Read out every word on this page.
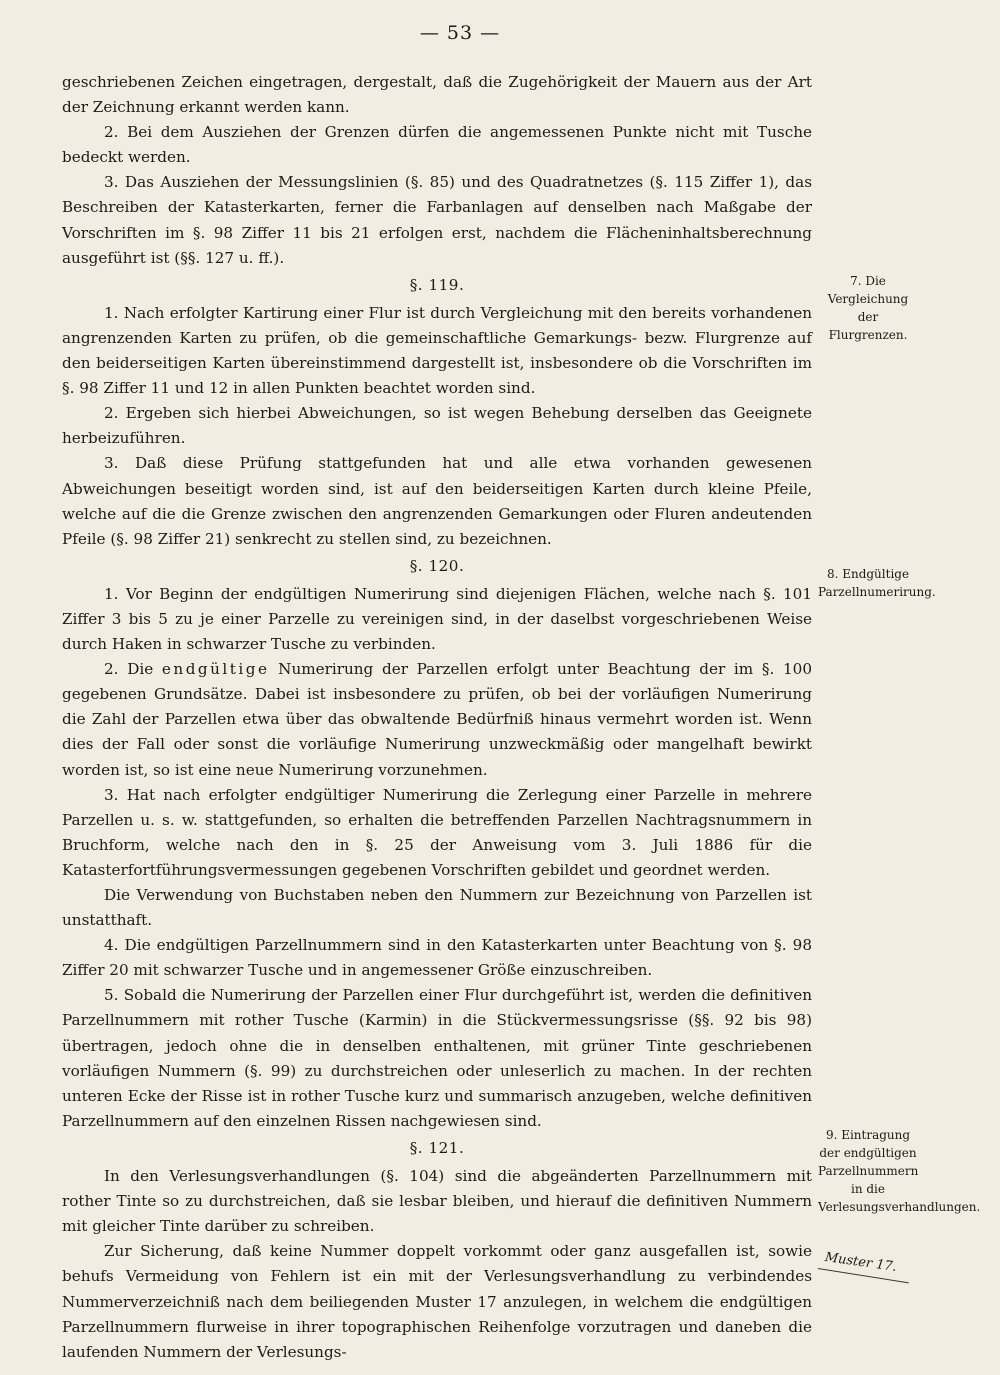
— 53 —

geschriebenen Zeichen eingetragen, dergestalt, daß die Zugehörigkeit der Mauern aus der Art der Zeichnung erkannt werden kann.

2. Bei dem Ausziehen der Grenzen dürfen die angemessenen Punkte nicht mit Tusche bedeckt werden.

3. Das Ausziehen der Messungslinien (§. 85) und des Quadratnetzes (§. 115 Ziffer 1), das Beschreiben der Katasterkarten, ferner die Farbanlagen auf denselben nach Maßgabe der Vorschriften im §. 98 Ziffer 11 bis 21 erfolgen erst, nachdem die Flächeninhaltsberechnung ausgeführt ist (§§. 127 u. ff.).

§. 119.

1. Nach erfolgter Kartirung einer Flur ist durch Vergleichung mit den bereits vorhandenen angrenzenden Karten zu prüfen, ob die gemeinschaftliche Gemarkungs- bezw. Flurgrenze auf den beiderseitigen Karten übereinstimmend dargestellt ist, insbesondere ob die Vorschriften im §. 98 Ziffer 11 und 12 in allen Punkten beachtet worden sind.

2. Ergeben sich hierbei Abweichungen, so ist wegen Behebung derselben das Geeignete herbeizuführen.

3. Daß diese Prüfung stattgefunden hat und alle etwa vorhanden gewesenen Abweichungen beseitigt worden sind, ist auf den beiderseitigen Karten durch kleine Pfeile, welche auf die die Grenze zwischen den angrenzenden Gemarkungen oder Fluren andeutenden Pfeile (§. 98 Ziffer 21) senkrecht zu stellen sind, zu bezeichnen.

§. 120.

1. Vor Beginn der endgültigen Numerirung sind diejenigen Flächen, welche nach §. 101 Ziffer 3 bis 5 zu je einer Parzelle zu vereinigen sind, in der daselbst vorgeschriebenen Weise durch Haken in schwarzer Tusche zu verbinden.

2. Die endgültige Numerirung der Parzellen erfolgt unter Beachtung der im §. 100 gegebenen Grundsätze. Dabei ist insbesondere zu prüfen, ob bei der vorläufigen Numerirung die Zahl der Parzellen etwa über das obwaltende Bedürfniß hinaus vermehrt worden ist. Wenn dies der Fall oder sonst die vorläufige Numerirung unzweckmäßig oder mangelhaft bewirkt worden ist, so ist eine neue Numerirung vorzunehmen.

3. Hat nach erfolgter endgültiger Numerirung die Zerlegung einer Parzelle in mehrere Parzellen u. s. w. stattgefunden, so erhalten die betreffenden Parzellen Nachtragsnummern in Bruchform, welche nach den in §. 25 der Anweisung vom 3. Juli 1886 für die Katasterfortführungsvermessungen gegebenen Vorschriften gebildet und geordnet werden.

Die Verwendung von Buchstaben neben den Nummern zur Bezeichnung von Parzellen ist unstatthaft.

4. Die endgültigen Parzellnummern sind in den Katasterkarten unter Beachtung von §. 98 Ziffer 20 mit schwarzer Tusche und in angemessener Größe einzuschreiben.

5. Sobald die Numerirung der Parzellen einer Flur durchgeführt ist, werden die definitiven Parzellnummern mit rother Tusche (Karmin) in die Stückvermessungsrisse (§§. 92 bis 98) übertragen, jedoch ohne die in denselben enthaltenen, mit grüner Tinte geschriebenen vorläufigen Nummern (§. 99) zu durchstreichen oder unleserlich zu machen. In der rechten unteren Ecke der Risse ist in rother Tusche kurz und summarisch anzugeben, welche definitiven Parzellnummern auf den einzelnen Rissen nachgewiesen sind.

§. 121.

In den Verlesungsverhandlungen (§. 104) sind die abgeänderten Parzellnummern mit rother Tinte so zu durchstreichen, daß sie lesbar bleiben, und hierauf die definitiven Nummern mit gleicher Tinte darüber zu schreiben.

Zur Sicherung, daß keine Nummer doppelt vorkommt oder ganz ausgefallen ist, sowie behufs Vermeidung von Fehlern ist ein mit der Verlesungsverhandlung zu verbindendes Nummerverzeichniß nach dem beiliegenden Muster 17 anzulegen, in welchem die endgültigen Parzellnummern flurweise in ihrer topographischen Reihenfolge vorzutragen und daneben die laufenden Nummern der Verlesungs-

7. Die Vergleichung der Flurgrenzen.
8. Endgültige Parzellnumerirung.
9. Eintragung der endgültigen Parzellnummern in die Verlesungsverhandlungen.
Muster 17.
